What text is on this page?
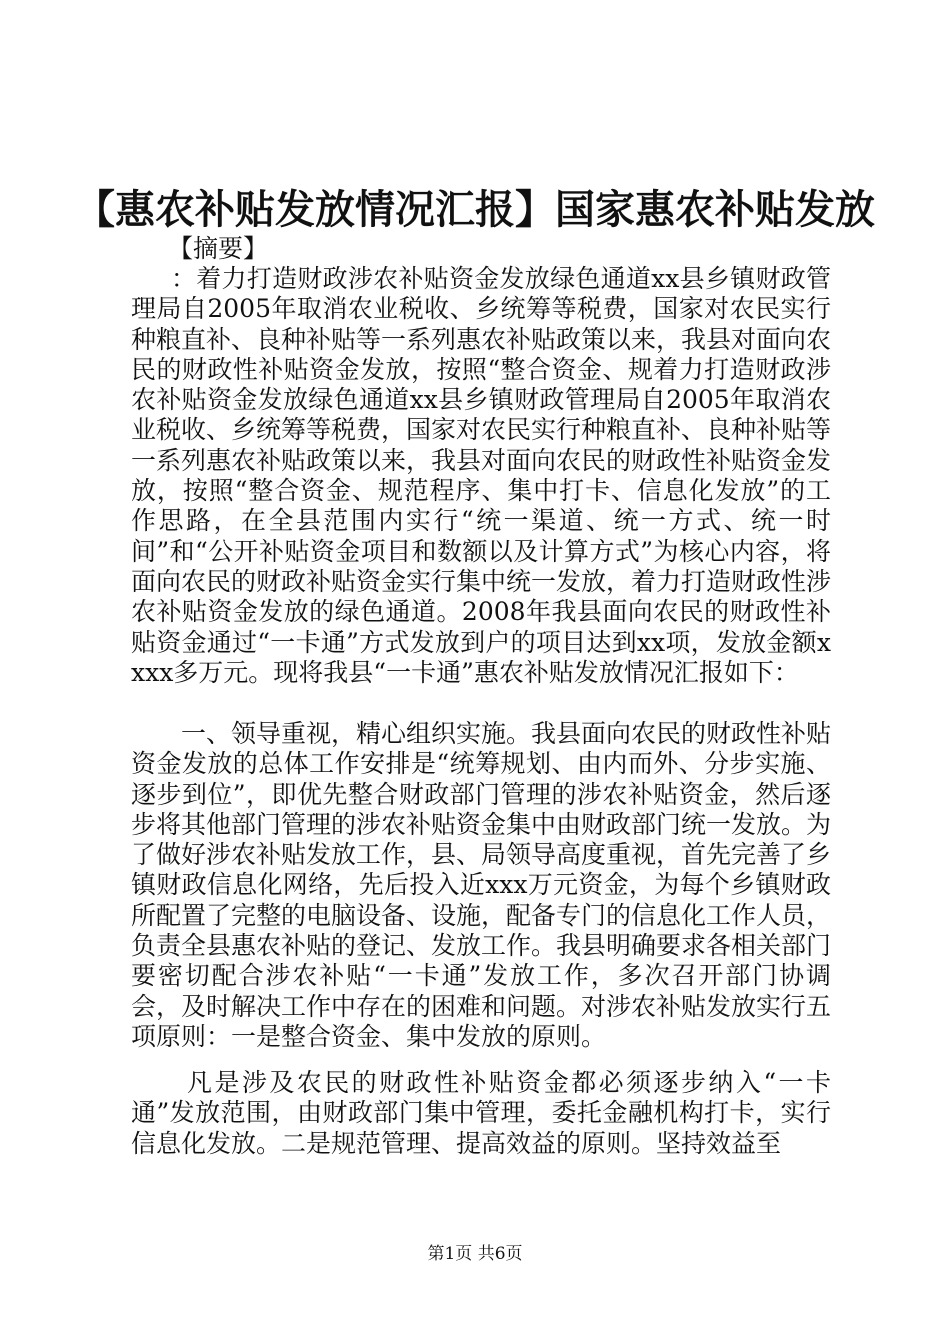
【惠农补贴发放情况汇报】国家惠农补贴发放
【摘要】
：着力打造财政涉农补贴资金发放绿色通道xx县乡镇财政管理局自2005年取消农业税收、乡统筹等税费，国家对农民实行种粮直补、良种补贴等一系列惠农补贴政策以来，我县对面向农民的财政性补贴资金发放，按照“整合资金、规着力打造财政涉农补贴资金发放绿色通道xx县乡镇财政管理局自2005年取消农业税收、乡统筹等税费，国家对农民实行种粮直补、良种补贴等一系列惠农补贴政策以来，我县对面向农民的财政性补贴资金发放，按照“整合资金、规范程序、集中打卡、信息化发放”的工作思路，在全县范围内实行“统一渠道、统一方式、统一时间”和“公开补贴资金项目和数额以及计算方式”为核心内容，将面向农民的财政补贴资金实行集中统一发放，着力打造财政性涉农补贴资金发放的绿色通道。2008年我县面向农民的财政性补贴资金通过“一卡通”方式发放到户的项目达到xx项，发放金额xxxx多万元。现将我县“一卡通”惠农补贴发放情况汇报如下：
一、领导重视，精心组织实施。我县面向农民的财政性补贴资金发放的总体工作安排是“统筹规划、由内而外、分步实施、逐步到位”，即优先整合财政部门管理的涉农补贴资金，然后逐步将其他部门管理的涉农补贴资金集中由财政部门统一发放。为了做好涉农补贴发放工作，县、局领导高度重视，首先完善了乡镇财政信息化网络，先后投入近xxx万元资金，为每个乡镇财政所配置了完整的电脑设备、设施，配备专门的信息化工作人员，负责全县惠农补贴的登记、发放工作。我县明确要求各相关部门要密切配合涉农补贴“一卡通”发放工作，多次召开部门协调会，及时解决工作中存在的困难和问题。对涉农补贴发放实行五项原则：一是整合资金、集中发放的原则。
凡是涉及农民的财政性补贴资金都必须逐步纳入“一卡通”发放范围，由财政部门集中管理，委托金融机构打卡，实行信息化发放。二是规范管理、提高效益的原则。坚持效益至
第1页 共6页
